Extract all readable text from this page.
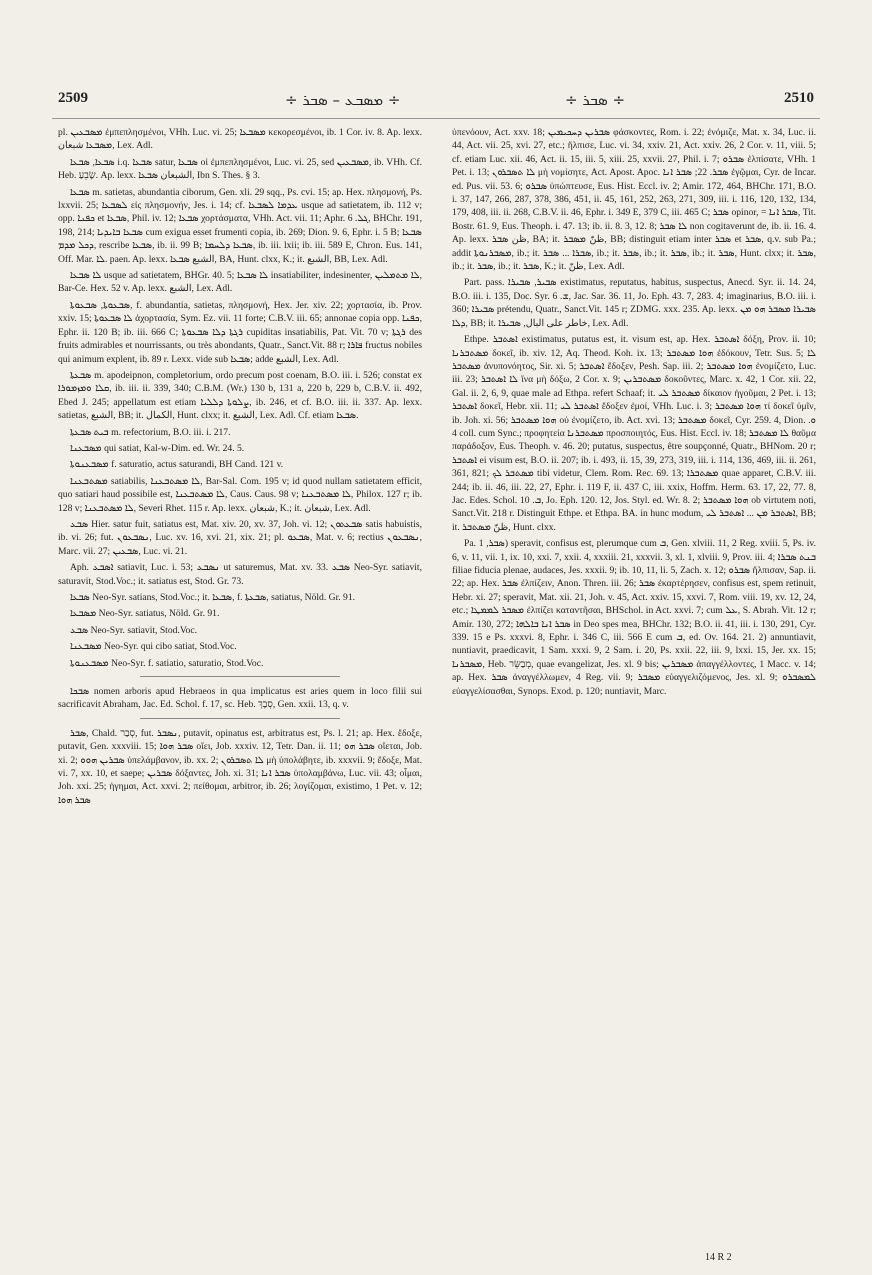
2509	÷ ܡܣܒܥ – ܣܒܪ ÷	÷ ܣܒܪ ÷	2510

pl. ܡܣܒܥܝܢ ἐμπεπλησμένοι, VHh. Luc. vi. 25; ܡܣܒܥܐ κεκορεσμένοι, ib. 1 Cor. iv. 8. Ap. lexx. ܡܣܒܥܐ شبعان, Lex. Adl.

ܣܒܥܐ, ܣܒܥܐ i.q. ܣܒܥܐ satur, ܣܒܥܐ οἱ ἐμπεπλησμένοι, Luc. vi. 25, sed ܡܣܒܥܝܢ, ib. VHh. Cf. Heb. שָׂבֵעַ. Ap. lexx. الشبعان ܣܒܥܐ, Ibn S. Thes. § 3.

ܣܒܥܐ m. satietas, abundantia ciborum, Gen. xli. 29 sqq., Ps. cvi. 15; ap. Hex. πλησμονή, Ps. lxxvii. 25; ܠܣܒܥܐ εἰς πλησμονήν, Jes. i. 14; cf. ܥܕܡܐ ܠܣܒܥܐ usque ad satietatem, ib. 112 v; opp. ܟܦܢܐ et ܣܒܥܐ, Phil. iv. 12; ܣܒܥܐ χορτάσματα, VHh. Act. vii. 11; Aphr. ܓܠ. 6, BHChr. 191, 198, 214; ܣܒܥܐ ܒܐܝܕܝܐ cum exigua esset frumenti copia, ib. 269; Dion. 9. 6, Ephr. i. 5 B; ܣܒܥܐ ܕܟܠ ܡܕܡ, rescribe ܣܒܥܐ, ib. ii. 99 B; ܣܒܥܐ ܕܠܚܡܐ, ib. iii. lxii; ib. iii. 589 E, Chron. Eus. 141, Off. Mar. ܠܐ. paen. Ap. lexx. الشبع ܣܒܥܐ, BA, Hunt. clxx, K.; it. الشبع, BB, Lex. Adl.

ܠܐ ܣܒܥܐ usque ad satietatem, BHGr. 40. 5; ܠܐ ܣܒܥܐ insatiabiliter, indesinenter, ܠܐ ܡܬܡܠܝܢ, Bar-Ce. Hex. 52 v. Ap. lexx. الشبع, Lex. Adl.

ܣܒܥܘܬܐ, ܣܒܥܘܬܐ, f. abundantia, satietas, πλησμονή, Hex. Jer. xiv. 22; χορτασία, ib. Prov. xxiv. 15; ܠܐ ܣܒܥܘܬܐ ἀχορτασία, Sym. Ez. vii. 11 forte; C.B.V. iii. 65; annonae copia opp. ܟܦܢܐ, Ephr. ii. 120 B; ib. iii. 666 C; ܪܓܬܐ ܕܠܐ ܣܒܥܘܬܐ cupiditas insatiabilis, Pat. Vit. 70 v; ܪܓܬܐ des fruits admirables et nourrissants, ou très abondants, Quatr., Sanct.Vit. 88 r; ܦܐܪܐ fructus nobiles qui animum explent, ib. 89 r. Lexx. vide sub ܣܒܥܐ; adde الشبع, Lex. Adl.

ܣܒܥܬܐ m. apodeipnon, completorium, ordo precum post coenam, B.O. iii. i. 526; constat ex ܩܠܐ ܘܡܙܡܘܪܐ, ib. iii. ii. 339, 340; C.B.M. (Wr.) 130 b, 131 a, 220 b, 229 b, C.B.V. ii. 492, Ebed J. 245; appellatum est etiam ܨܠܘܬܐ ܕܠܠܝܐ, ib. 246, et cf. B.O. iii. ii. 337. Ap. lexx. satietas, الشبع, BB; it. الكمال, Hunt. clxx; it. الشبع, Lex. Adl. Cf. etiam ܣܒܥܐ.

ܒܝܬ ܣܒܥܬܐ m. refectorium, B.O. iii. i. 217.

ܡܣܒܥܢܐ qui satiat, Kal-w-Dim. ed. Wr. 24. 5.

ܡܣܒܥܢܘܬܐ f. saturatio, actus saturandi, BH Cand. 121 v.

ܡܣܬܒܥܢܐ satiabilis, ܠܐ ܡܣܬܒܥܢܐ, Bar-Sal. Com. 195 v; id quod nullam satietatem efficit, quo satiari haud possibile est, ܠܐ ܡܣܬܒܥܢܐ, Caus. Caus. 98 v; ܠܐ ܡܣܬܒܥܢܐ, Philox. 127 r; ib. 128 v; ܠܐ ܡܣܬܒܥܢܐ, Severi Rhet. 115 r. Ap. lexx. شبعان, K.; it. شبعان, Lex. Adl.

ܣܒܥ Hier. satur fuit, satiatus est, Mat. xiv. 20, xv. 37, Joh. vi. 12; ܣܒܥܬܘܢ satis habuistis, ib. vi. 26; fut. ܢܣܒܥܘܢ, Luc. xv. 16, xvi. 21, xix. 21; pl. ܣܒܥܘ, Mat. v. 6; rectius ܢܣܒܥܘܢ, Marc. vii. 27; ܣܒܥܝܢ, Luc. vi. 21.

Aph. ܐܣܒܥ satiavit, Luc. i. 53; ܢܣܒܥ ut saturemus, Mat. xv. 33. ܣܒܥ Neo-Syr. satiavit, saturavit, Stod.Voc.; it. satiatus est, Stod. Gr. 73.

ܣܒܥܐ Neo-Syr. satians, Stod.Voc.; it. ܣܒܥܐ, f. ܣܒܥܬܐ, satiatus, Nöld. Gr. 91.

ܡܣܒܥܐ Neo-Syr. satiatus, Nöld. Gr. 91.

ܣܒܥ Neo-Syr. satiavit, Stod.Voc.

ܡܣܒܥܢܐ Neo-Syr. qui cibo satiat, Stod.Voc.

ܡܣܒܥܢܘܬܐ Neo-Syr. f. satiatio, saturatio, Stod.Voc.

ܣܒܟܐ nomen arboris apud Hebraeos in qua implicatus est aries quem in loco filii sui sacrificavit Abraham, Jac. Ed. Schol. f. 17, sc. Heb. סְבָךְ, Gen. xxii. 13, q. v.

ܣܒܪ, Chald. סְבַר, fut. ܢܣܒܪ, putavit, opinatus est, arbitratus est, Ps. l. 21; ap. Hex. ἔδοξε, putavit, Gen. xxxviii. 15; ܣܒܪ ܗܘܐ οἴει, Job. xxxiv. 12, Tetr. Dan. ii. 11; ܣܒܪ ܗܘ οἴεται, Job. xi. 2; ܣܒܪܝܢ ܗܘܘ ὑπελάμβανον, ib. xx. 2; ܠܐ ܬܣܒܪܘܢ μὴ ὑπολάβητε, ib. xxxvii. 9; ἔδοξε, Mat. vi. 7, xx. 10, et saepe; ܣܒܪܝܢ δόξαντες, Joh. xi. 31; ܣܒܪ ܐܢܐ ὑπολαμβάνω, Luc. vii. 43; οἶμαι, Joh. xxi. 25; ἡγημαι, Act. xxvi. 2; πείθομαι, arbitror, ib. 26; λογίζομαι, existimo, 1 Pet. v. 12; ܣܒܪ ܗܘܐ

ὑπενόουν, Act. xxv. 18; ܣܒܪܝܢ ܕܚܟܝܡܝܢ φάσκοντες, Rom. i. 22; ἐνόμιζε, Mat. x. 34, Luc. ii. 44, Act. vii. 25, xvi. 27, etc.; ἤλπισε, Luc. vi. 34, xxiv. 21, Act. xxiv. 26, 2 Cor. v. 11, viii. 5; cf. etiam Luc. xii. 46, Act. ii. 15, iii. 5, xiii. 25, xxvii. 27, Phil. i. 7; ܣܒܪܘ ἐλπίσατε, VHh. 1 Pet. i. 13; ܠܐ ܬܣܒܪܘܢ μὴ νομίσητε, Act. Apost. Apoc. ܣܒܪ. 22; ܣܒܪ ܐܢܐ ἐγῷμαι, Cyr. de Incar. ed. Pus. vii. 53. 6; ܣܒܪܘ ὑπώπτευσε, Eus. Hist. Eccl. iv. 2; Amir. 172, 464, BHChr. 171, B.O. i. 37, 147, 266, 287, 378, 386, 451, ii. 45, 161, 252, 263, 271, 309, iii. i. 116, 120, 132, 134, 179, 408, iii. ii. 268, C.B.V. ii. 46, Ephr. i. 349 E, 379 C, iii. 465 C; ܣܒܪ opinor, = ܣܒܪ ܐܢܐ, Tit. Bostr. 61. 9, Eus. Theoph. i. 47. 13; ib. ii. 8. 3, 12. 8; ܠܐ ܣܒܪ non cogitaverunt de, ib. ii. 16. 4. Ap. lexx. ظن ܣܒܪ, BA; it. ظنّ ܡܣܒܪ, BB; distinguit etiam inter ܣܒܪ et ܣܒܪ, q.v. sub Pa.; addit ܡܣܒܪܢܘܬܐ, ib.; it. ܣܒܪܐ ... ܣܒܪ, ib.; it. ܣܒܪ, ib.; it. ܣܒܪ, ib.; it. ܣܒܪ, Hunt. clxx; it. ܣܒܪ, ib.; it. ܣܒܪ, ib.; it. ܣܒܪ, K.; it. ظنّ, Lex. Adl.

Part. pass. ܣܒܝܪ, ܣܒܝܪܐ existimatus, reputatus, habitus, suspectus, Anecd. Syr. ii. 14. 24, B.O. iii. i. 135, Doc. Syr. ܫ. 6, Jac. Sar. 36. 11, Jo. Eph. 43. 7, 283. 4; imaginarius, B.O. iii. i. 360; ܣܒܝܪܐ prétendu, Quatr., Sanct.Vit. 145 r; ZDMG. xxx. 235. Ap. lexx. ܣܒܝܪܐ ܡܣܒܪ ܗܘ ܡܢ ܕܠܐ, BB; it. خاطر على البال, ܣܒܝܪܐ, Lex. Adl.

Ethpe. ܐܣܬܒܪ existimatus, putatus est, it. visum est, ap. Hex. ܐܣܬܒܪ δόξη, Prov. ii. 10; ܡܣܬܒܪܢܐ δοκεῖ, ib. xiv. 12, Aq. Theod. Koh. ix. 13; ܗܘܐ ܡܣܬܒܪ ἐδόκουν, Tetr. Sus. 5; ܠܐ ܡܣܬܒܪ ἀνυπονόητος, Sir. xi. 5; ܐܣܬܒܪ ἔδοξεν, Pesh. Sap. iii. 2; ܗܘܐ ܡܣܬܒܪ ἐνομίζετο, Luc. iii. 23; ܠܐ ܐܣܬܒܪ ἵνα μὴ δόξω, 2 Cor. x. 9; ܡܣܬܒܪܝܢ δοκοῦντες, Marc. x. 42, 1 Cor. xii. 22, Gal. ii. 2, 6, 9, quae male ad Ethpa. refert Schaaf; it. ܡܣܬܒܪ ܠܝ δίκαιον ἡγοῦμαι, 2 Pet. i. 13; ܐܣܬܒܪ δοκεῖ, Hebr. xii. 11; ܐܣܬܒܪ ܠܝ ἔδοξεν ἐμοί, VHh. Luc. i. 3; ܗܘܐ ܡܣܬܒܪ τί δοκεῖ ὑμῖν, ib. Joh. xi. 56; ܗܘܐ ܡܣܬܒܪ οὐ ἐνομίζετο, ib. Act. xvi. 13; ܡܣܬܒܪ δοκεῖ, Cyr. 259. 4, Dion. ܘ. 4 coll. cum Sync.; προφητεία ܡܣܬܒܪܢܐ προσποιητός, Eus. Hist. Eccl. iv. 18; ܠܐ ܡܣܬܒܪ θαῦμα παράδοξον, Eus. Theoph. v. 46. 20; putatus, suspectus, être soupçonné, Quatr., BHNom. 20 r; ܐܣܬܒܪ ei visum est, B.O. ii. 207; ib. i. 493, ii. 15, 39, 273, 319, iii. i. 114, 136, 469, iii. ii. 261, 361, 821; ܡܣܬܒܪ ܠܟ tibi videtur, Clem. Rom. Rec. 69. 13; ܡܣܬܒܪܐ quae apparet, C.B.V. iii. 244; ib. ii. 46, iii. 22, 27, Ephr. i. 119 F, ii. 437 C, iii. xxix, Hoffm. Herm. 63. 17, 22, 77. 8, Jac. Edes. Schol. ܒ. 10, Jo. Eph. 120. 12, Jos. Styl. ed. Wr. 8. 2; ܗܘܐ ܡܣܬܒܪ ob virtutem noti, Sanct.Vit. 218 r. Distinguit Ethpe. et Ethpa. BA. in hunc modum, ܐܣܬܒܪ ܡܢ ... ܐܣܬܒܪ ܠܝ, BB; it. ظنّ ܡܣܬܒܪ, Hunt. clxx.

Pa. ܣܒܪ, 1) speravit, confisus est, plerumque cum ܒ, Gen. xlviii. 11, 2 Reg. xviii. 5, Ps. iv. 6, v. 11, vii. 1, ix. 10, xxi. 7, xxii. 4, xxxiii. 21, xxxvii. 3, xl. 1, xlviii. 9, Prov. iii. 4; ܒܢܬ ܣܒܪܐ filiae fiducia plenae, audaces, Jes. xxxii. 9; ib. 10, 11, li. 5, Zach. x. 12; ܣܒܪܘ ἤλπισαν, Sap. ii. 22; ap. Hex. ܣܒܪ ἐλπίζειν, Anon. Thren. iii. 26; ܣܒܪ ἐκαρτέρησεν, confisus est, spem retinuit, Hebr. xi. 27; speravit, Mat. xii. 21, Joh. v. 45, Act. xxiv. 15, xxvi. 7, Rom. viii. 19, xv. 12, 24, etc.; ܡܣܒܪ ܠܡܡܛܐ ἐλπίζει καταντῆσαι, BHSchol. in Act. xxvi. 7; cum ܥܠ, S. Abrah. Vit. 12 r; Amir. 130, 272; ܣܒܪ ܐܢܐ ܒܐܠܗܐ in Deo spes mea, BHChr. 132; B.O. ii. 41, iii. i. 130, 291, Cyr. 339. 15 e Ps. xxxvi. 8, Ephr. i. 346 C, iii. 566 E cum ܒ, ed. Ov. 164. 21. 2) annuntiavit, nuntiavit, praedicavit, 1 Sam. xxxi. 9, 2 Sam. i. 20, Ps. xxii. 22, iii. 9, lxxi. 15, Jer. xx. 15; ܡܣܒܪܢܐ, Heb. מְבַשֵּׂר, quae evangelizat, Jes. xl. 9 bis; ܡܣܒܪܝܢ ἀπαγγέλλοντες, 1 Macc. v. 14; ap. Hex. ܣܒܪ ἀναγγέλλωμεν, 4 Reg. vii. 9; ܡܣܒܪ εὐαγγελιζόμενος, Jes. xl. 9; ܠܡܣܒܪܘ εὐαγγελίσασθαι, Synops. Exod. p. 120; nuntiavit, Marc.

14 R 2
